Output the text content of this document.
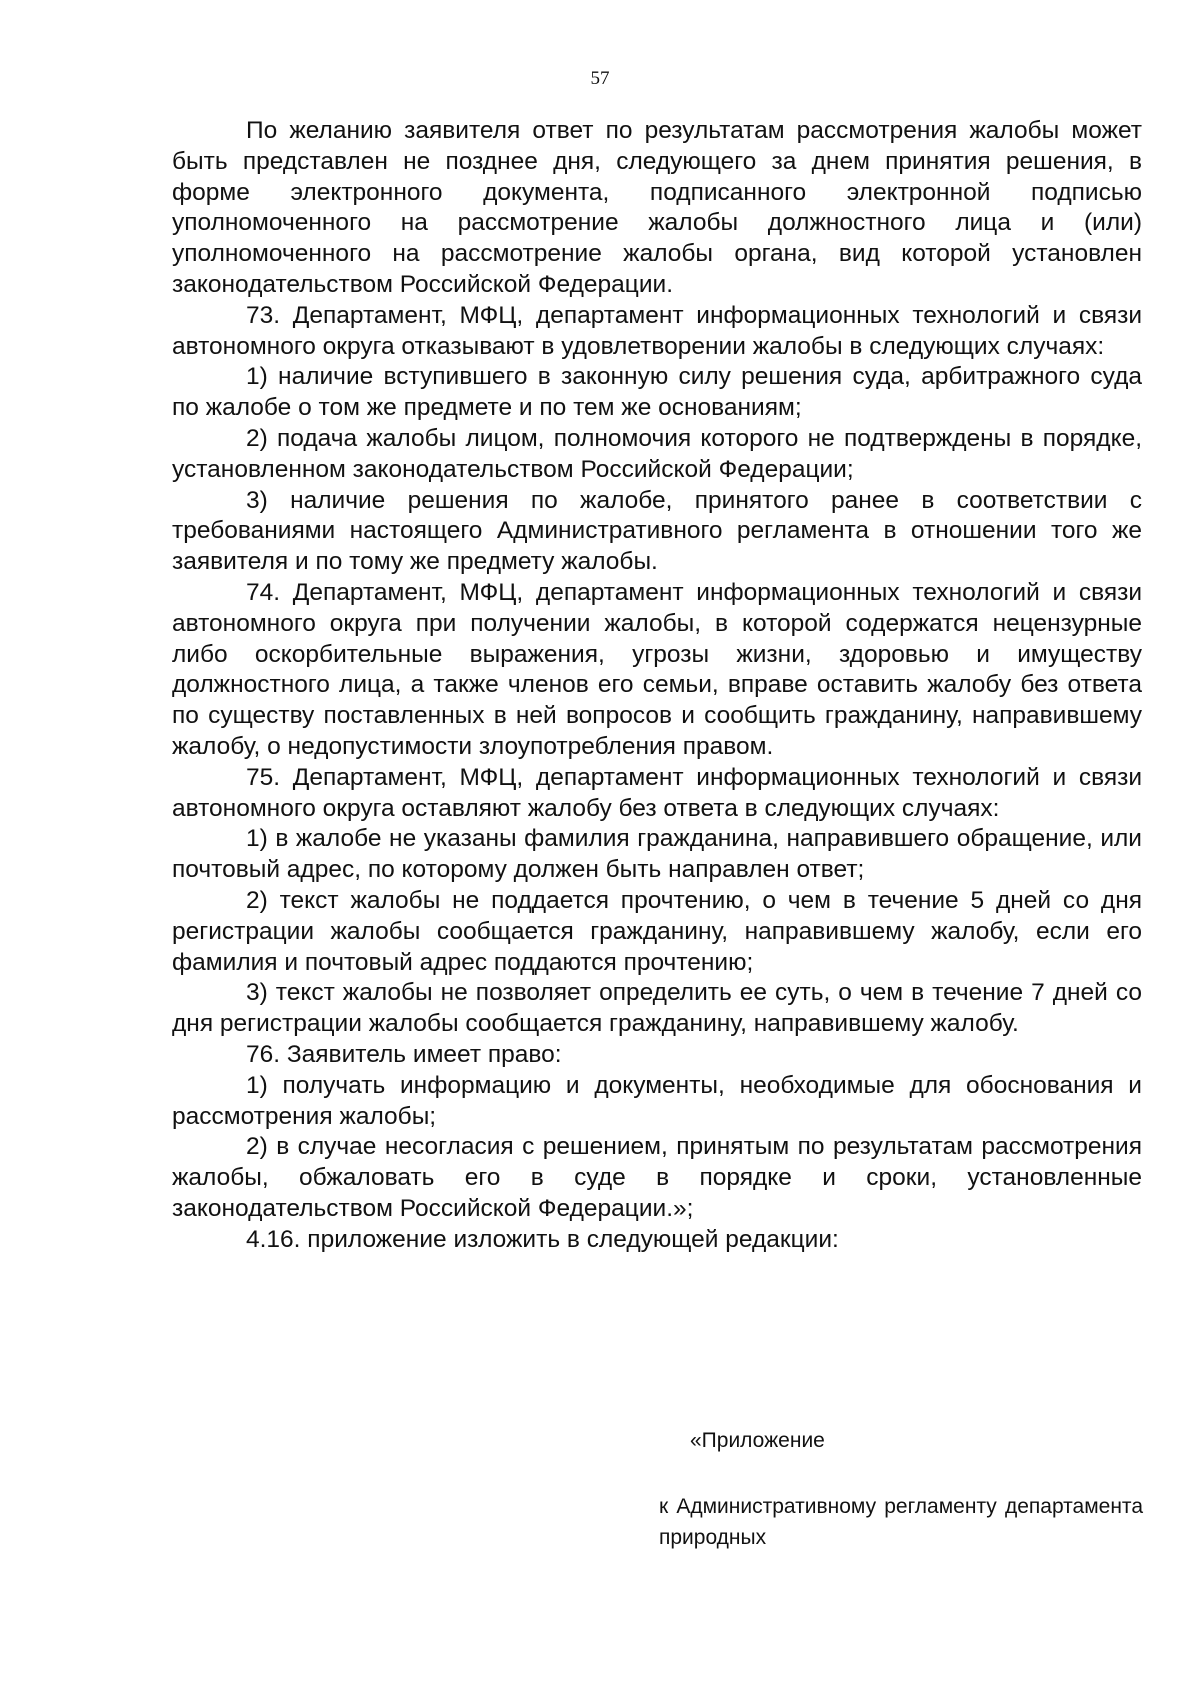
57

По желанию заявителя ответ по результатам рассмотрения жалобы может быть представлен не позднее дня, следующего за днем принятия решения, в форме электронного документа, подписанного электронной подписью уполномоченного на рассмотрение жалобы должностного лица и (или) уполномоченного на рассмотрение жалобы органа, вид которой установлен законодательством Российской Федерации.

73. Департамент, МФЦ, департамент информационных технологий и связи автономного округа отказывают в удовлетворении жалобы в следующих случаях:

1) наличие вступившего в законную силу решения суда, арбитражного суда по жалобе о том же предмете и по тем же основаниям;

2) подача жалобы лицом, полномочия которого не подтверждены в порядке, установленном законодательством Российской Федерации;

3) наличие решения по жалобе, принятого ранее в соответствии с требованиями настоящего Административного регламента в отношении того же заявителя и по тому же предмету жалобы.

74. Департамент, МФЦ, департамент информационных технологий и связи автономного округа при получении жалобы, в которой содержатся нецензурные либо оскорбительные выражения, угрозы жизни, здоровью и имуществу должностного лица, а также членов его семьи, вправе оставить жалобу без ответа по существу поставленных в ней вопросов и сообщить гражданину, направившему жалобу, о недопустимости злоупотребления правом.

75. Департамент, МФЦ, департамент информационных технологий и связи автономного округа оставляют жалобу без ответа в следующих случаях:

1) в жалобе не указаны фамилия гражданина, направившего обращение, или почтовый адрес, по которому должен быть направлен ответ;

2) текст жалобы не поддается прочтению, о чем в течение 5 дней со дня регистрации жалобы сообщается гражданину, направившему жалобу, если его фамилия и почтовый адрес поддаются прочтению;

3) текст жалобы не позволяет определить ее суть, о чем в течение 7 дней со дня регистрации жалобы сообщается гражданину, направившему жалобу.

76. Заявитель имеет право:

1) получать информацию и документы, необходимые для обоснования и рассмотрения жалобы;

2) в случае несогласия с решением, принятым по результатам рассмотрения жалобы, обжаловать его в суде в порядке и сроки, установленные законодательством Российской Федерации.»;

4.16. приложение изложить в следующей редакции:

«Приложение

к Административному регламенту департамента природных
